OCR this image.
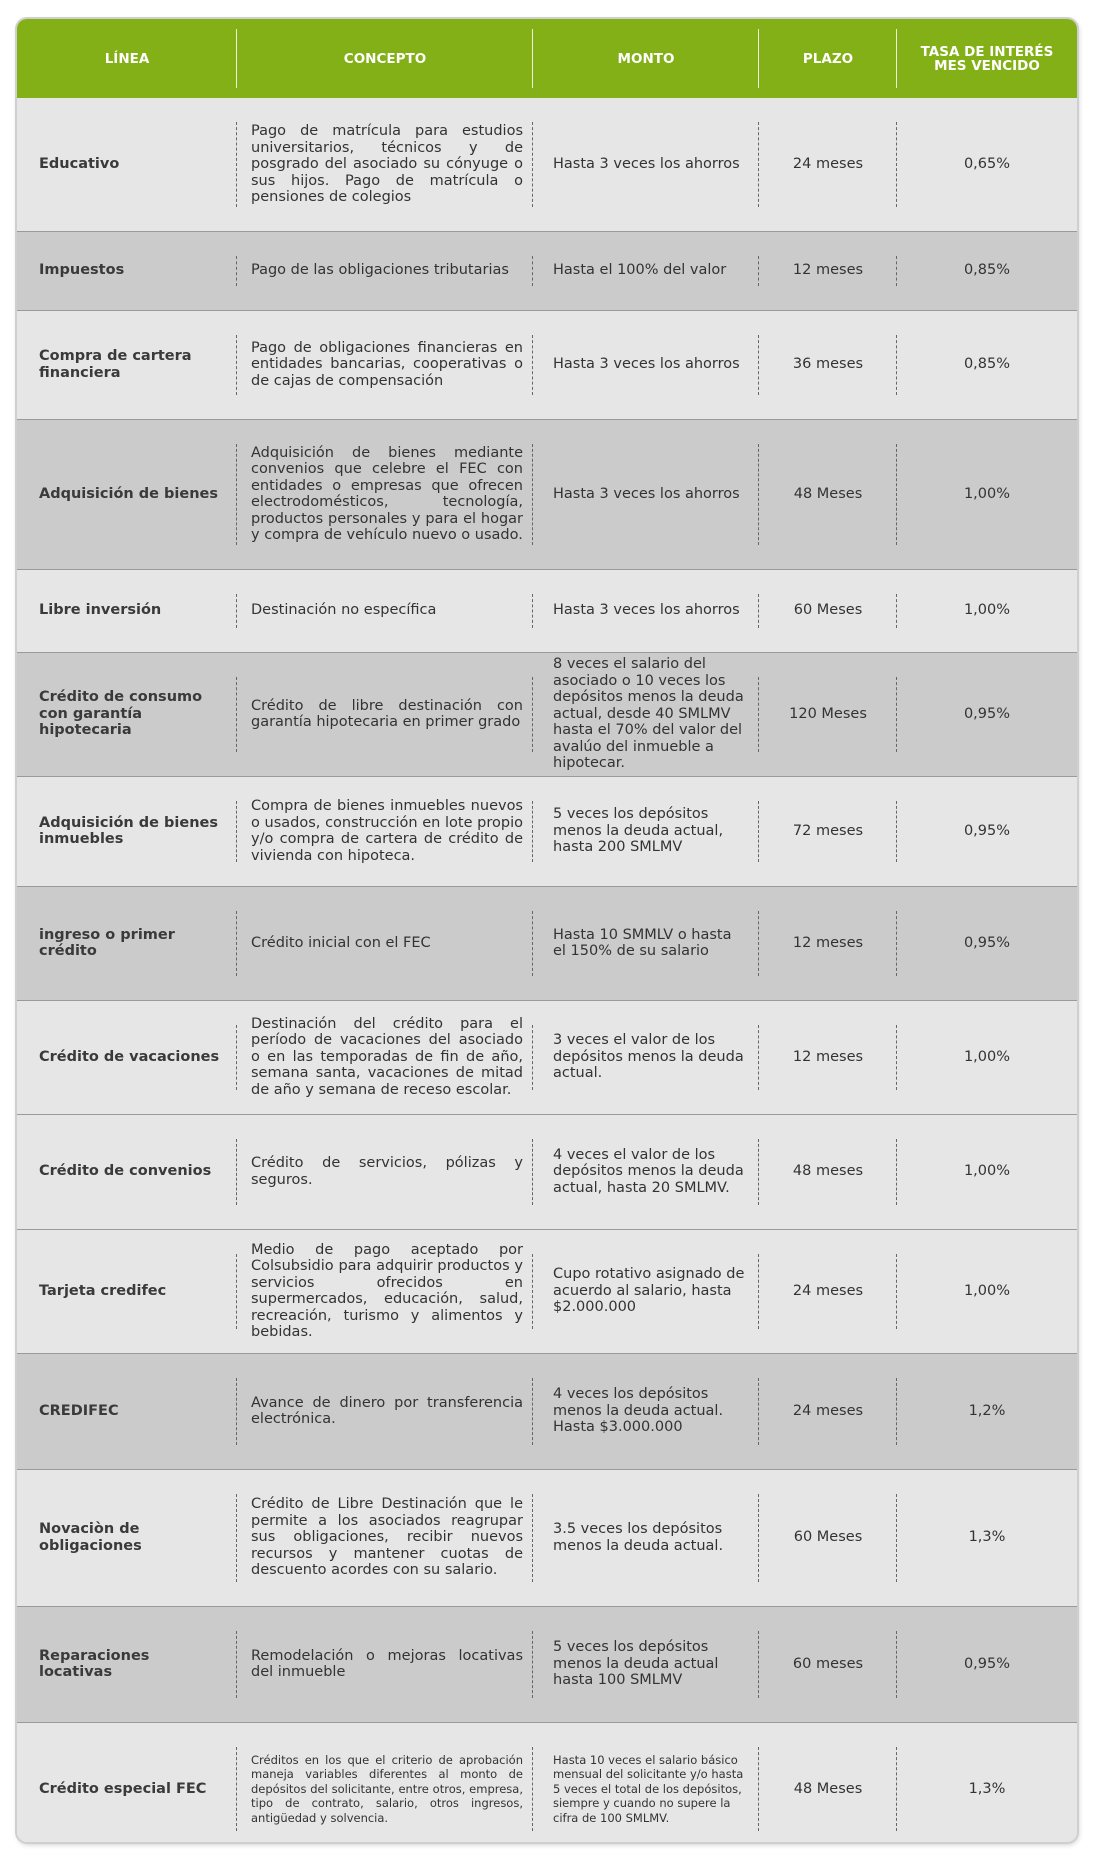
LÍNEA	CONCEPTO	MONTO	PLAZO	TASA DE INTERÉS MES VENCIDO
Educativo	Pago de matrícula para estudios universitarios, técnicos y de posgrado del asociado su cónyuge o sus hijos. Pago de matrícula o pensiones de colegios	Hasta 3 veces los ahorros	24 meses	0,65%
Impuestos	Pago de las obligaciones tributarias	Hasta el 100% del valor	12 meses	0,85%
Compra de cartera financiera	Pago de obligaciones financieras en entidades bancarias, cooperativas o de cajas de compensación	Hasta 3 veces los ahorros	36 meses	0,85%
Adquisición de bienes	Adquisición de bienes mediante convenios que celebre el FEC con entidades o empresas que ofrecen electrodomésticos, tecnología, productos personales y para el hogar y compra de vehículo nuevo o usado.	Hasta 3 veces los ahorros	48 Meses	1,00%
Libre inversión	Destinación no específica	Hasta 3 veces los ahorros	60 Meses	1,00%
Crédito de consumo con garantía hipotecaria	Crédito de libre destinación con garantía hipotecaria en primer grado	8 veces el salario del asociado o 10 veces los depósitos menos la deuda actual, desde 40 SMLMV hasta el 70% del valor del avalúo del inmueble a hipotecar.	120 Meses	0,95%
Adquisición de bienes inmuebles	Compra de bienes inmuebles nuevos o usados, construcción en lote propio y/o compra de cartera de crédito de vivienda con hipoteca.	5 veces los depósitos menos la deuda actual, hasta 200 SMLMV	72 meses	0,95%
ingreso o primer crédito	Crédito inicial con el FEC	Hasta 10 SMMLV o hasta el 150% de su salario	12 meses	0,95%
Crédito de vacaciones	Destinación del crédito para el período de vacaciones del asociado o en las temporadas de fin de año, semana santa, vacaciones de mitad de año y semana de receso escolar.	3 veces el valor de los depósitos menos la deuda actual.	12 meses	1,00%
Crédito de convenios	Crédito de servicios, pólizas y seguros.	4 veces el valor de los depósitos menos la deuda actual, hasta 20 SMLMV.	48 meses	1,00%
Tarjeta credifec	Medio de pago aceptado por Colsubsidio para adquirir productos y servicios ofrecidos en supermercados, educación, salud, recreación, turismo y alimentos y bebidas.	Cupo rotativo asignado de acuerdo al salario, hasta $2.000.000	24 meses	1,00%
CREDIFEC	Avance de dinero por transferencia electrónica.	4 veces los depósitos menos la deuda actual. Hasta $3.000.000	24 meses	1,2%
Novaciòn de obligaciones	Crédito de Libre Destinación que le permite a los asociados reagrupar sus obligaciones, recibir nuevos recursos y mantener cuotas de descuento acordes con su salario.	3.5 veces los depósitos menos la deuda actual.	60 Meses	1,3%
Reparaciones locativas	Remodelación o mejoras locativas del inmueble	5 veces los depósitos menos la deuda actual hasta 100 SMLMV	60 meses	0,95%
Crédito especial FEC	Créditos en los que el criterio de aprobación maneja variables diferentes al monto de depósitos del solicitante, entre otros, empresa, tipo de contrato, salario, otros ingresos, antigüedad y solvencia.	Hasta 10 veces el salario básico mensual del solicitante y/o hasta 5 veces el total de los depósitos, siempre y cuando no supere la cifra de 100 SMLMV.	48 Meses	1,3%
